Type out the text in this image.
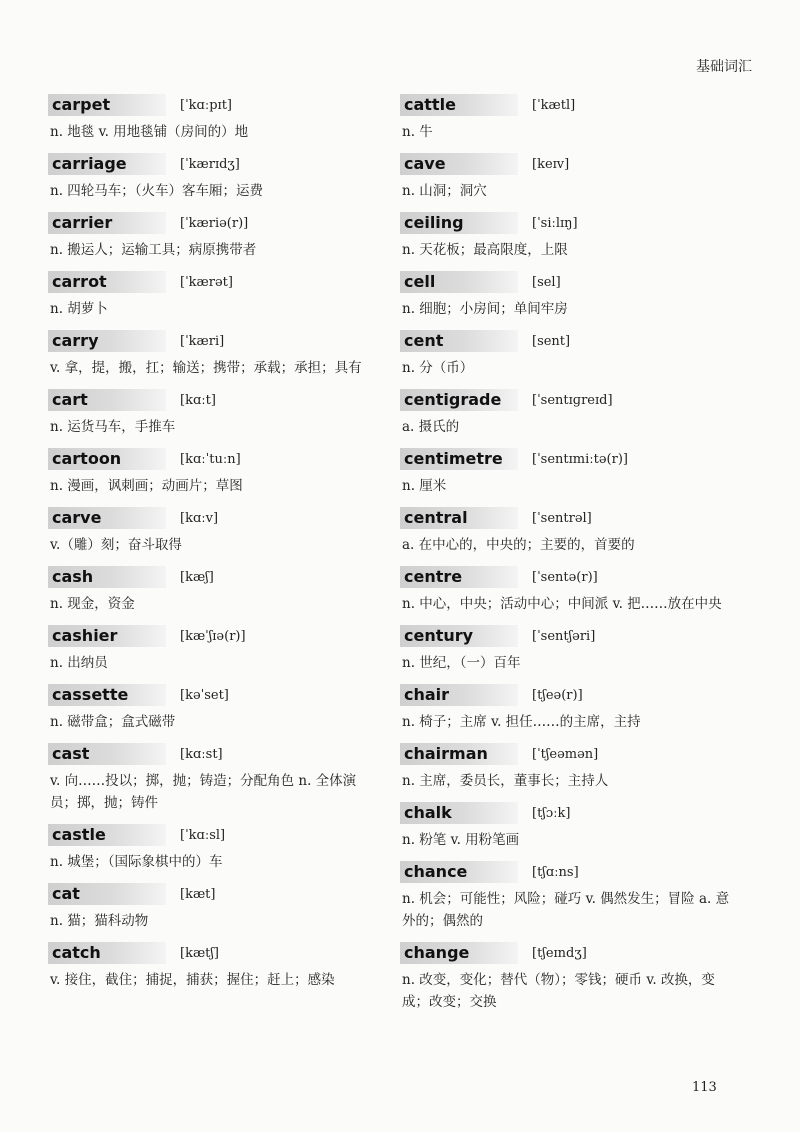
基础词汇
carpet	[ˈkɑːpɪt]
n. 地毯 v. 用地毯铺（房间的）地
carriage	[ˈkærɪdʒ]
n. 四轮马车；（火车）客车厢；运费
carrier	[ˈkæriə(r)]
n. 搬运人；运输工具；病原携带者
carrot	[ˈkærət]
n. 胡萝卜
carry	[ˈkæri]
v. 拿，提，搬，扛；输送；携带；承载；承担；具有
cart	[kɑːt]
n. 运货马车，手推车
cartoon	[kɑːˈtuːn]
n. 漫画，讽刺画；动画片；草图
carve	[kɑːv]
v.（雕）刻；奋斗取得
cash	[kæʃ]
n. 现金，资金
cashier	[kæˈʃɪə(r)]
n. 出纳员
cassette	[kəˈset]
n. 磁带盒；盒式磁带
cast	[kɑːst]
v. 向……投以；掷，抛；铸造；分配角色 n. 全体演员；掷，抛；铸件
castle	[ˈkɑːsl]
n. 城堡；（国际象棋中的）车
cat	[kæt]
n. 猫；猫科动物
catch	[kætʃ]
v. 接住，截住；捕捉，捕获；握住；赶上；感染
cattle	[ˈkætl]
n. 牛
cave	[keɪv]
n. 山洞；洞穴
ceiling	[ˈsiːlɪŋ]
n. 天花板；最高限度，上限
cell	[sel]
n. 细胞；小房间；单间牢房
cent	[sent]
n. 分（币）
centigrade	[ˈsentɪɡreɪd]
a. 摄氏的
centimetre	[ˈsentɪmiːtə(r)]
n. 厘米
central	[ˈsentrəl]
a. 在中心的，中央的；主要的，首要的
centre	[ˈsentə(r)]
n. 中心，中央；活动中心；中间派 v. 把……放在中央
century	[ˈsentʃəri]
n. 世纪，（一）百年
chair	[tʃeə(r)]
n. 椅子；主席 v. 担任……的主席，主持
chairman	[ˈtʃeəmən]
n. 主席，委员长，董事长；主持人
chalk	[tʃɔːk]
n. 粉笔 v. 用粉笔画
chance	[tʃɑːns]
n. 机会；可能性；风险；碰巧 v. 偶然发生；冒险 a. 意外的；偶然的
change	[tʃeɪndʒ]
n. 改变，变化；替代（物）；零钱；硬币 v. 改换，变成；改变；交换
113
